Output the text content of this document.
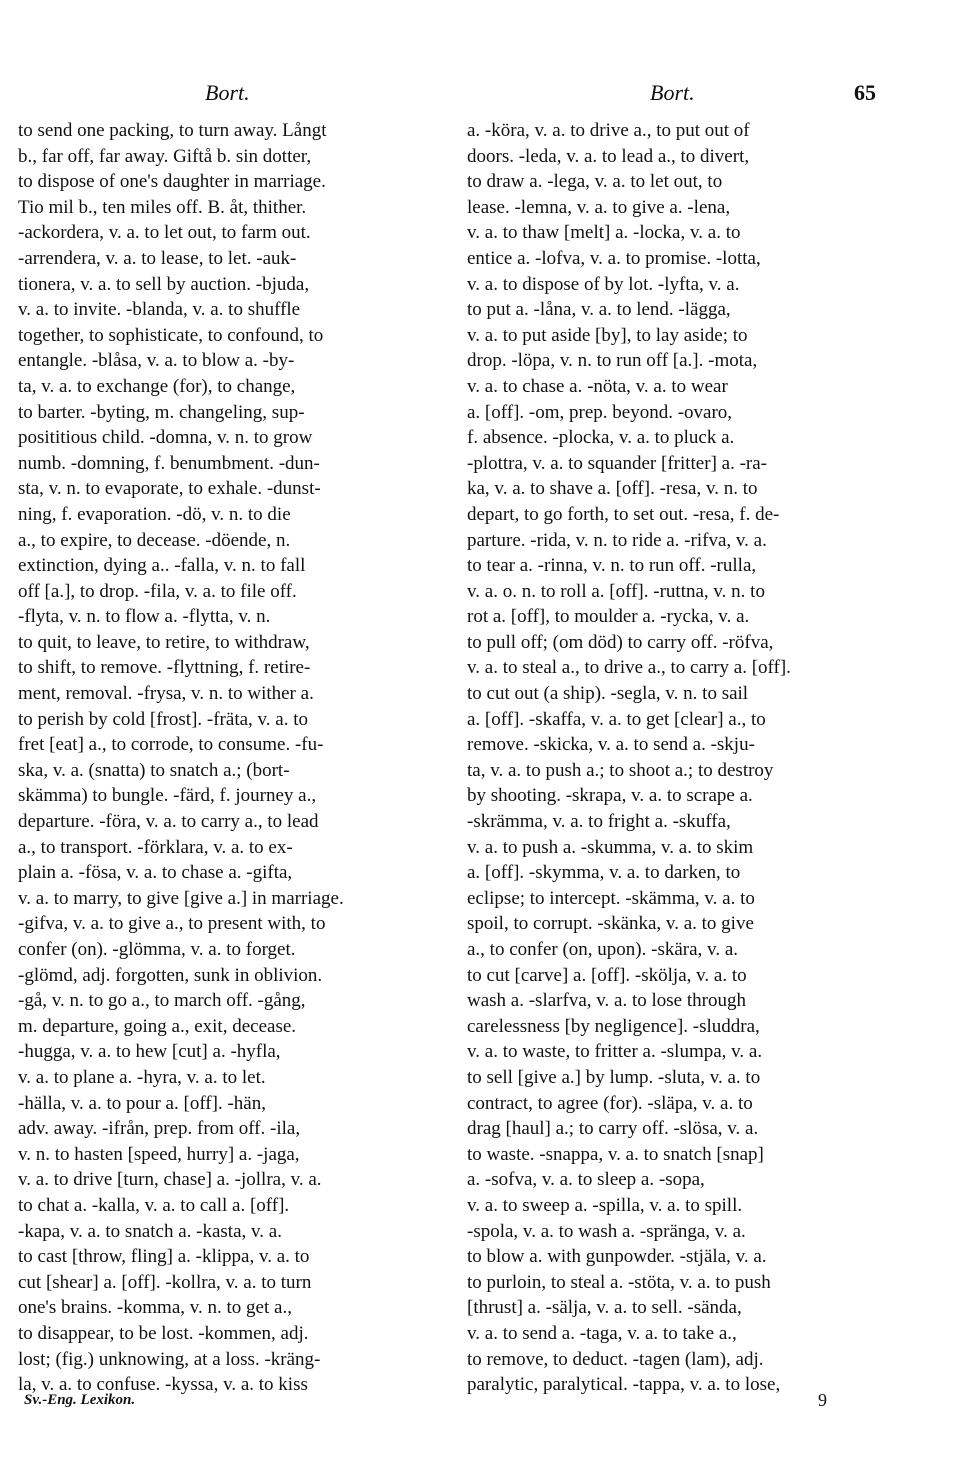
Bort.	Bort.	65
to send one packing, to turn away. Långt
b., far off, far away. Giftå b. sin dotter,
to dispose of one's daughter in marriage.
Tio mil b., ten miles off. B. åt, thither.
-ackordera, v. a. to let out, to farm out.
-arrendera, v. a. to lease, to let. -auk-
tionera, v. a. to sell by auction. -bjuda,
v. a. to invite. -blanda, v. a. to shuffle
together, to sophisticate, to confound, to
entangle. -blåsa, v. a. to blow a. -by-
ta, v. a. to exchange (for), to change,
to barter. -byting, m. changeling, sup-
posititious child. -domna, v. n. to grow
numb. -domning, f. benumbment. -dun-
sta, v. n. to evaporate, to exhale. -dunst-
ning, f. evaporation. -dö, v. n. to die
a., to expire, to decease. -döende, n.
extinction, dying a.. -falla, v. n. to fall
off [a.], to drop. -fila, v. a. to file off.
-flyta, v. n. to flow a. -flytta, v. n.
to quit, to leave, to retire, to withdraw,
to shift, to remove. -flyttning, f. retire-
ment, removal. -frysa, v. n. to wither a.
to perish by cold [frost]. -fräta, v. a. to
fret [eat] a., to corrode, to consume. -fu-
ska, v. a. (snatta) to snatch a.; (bort-
skämma) to bungle. -färd, f. journey a.,
departure. -föra, v. a. to carry a., to lead
a., to transport. -förklara, v. a. to ex-
plain a. -fösa, v. a. to chase a. -gifta,
v. a. to marry, to give [give a.] in marriage.
-gifva, v. a. to give a., to present with, to
confer (on). -glömma, v. a. to forget.
-glömd, adj. forgotten, sunk in oblivion.
-gå, v. n. to go a., to march off. -gång,
m. departure, going a., exit, decease.
-hugga, v. a. to hew [cut] a. -hyfla,
v. a. to plane a. -hyra, v. a. to let.
-hälla, v. a. to pour a. [off]. -hän,
adv. away. -ifrån, prep. from off. -ila,
v. n. to hasten [speed, hurry] a. -jaga,
v. a. to drive [turn, chase] a. -jollra, v. a.
to chat a. -kalla, v. a. to call a. [off].
-kapa, v. a. to snatch a. -kasta, v. a.
to cast [throw, fling] a. -klippa, v. a. to
cut [shear] a. [off]. -kollra, v. a. to turn
one's brains. -komma, v. n. to get a.,
to disappear, to be lost. -kommen, adj.
lost; (fig.) unknowing, at a loss. -kräng-
la, v. a. to confuse. -kyssa, v. a. to kiss
a. -köra, v. a. to drive a., to put out of
doors. -leda, v. a. to lead a., to divert,
to draw a. -lega, v. a. to let out, to
lease. -lemna, v. a. to give a. -lena,
v. a. to thaw [melt] a. -locka, v. a. to
entice a. -lofva, v. a. to promise. -lotta,
v. a. to dispose of by lot. -lyfta, v. a.
to put a. -låna, v. a. to lend. -lägga,
v. a. to put aside [by], to lay aside; to
drop. -löpa, v. n. to run off [a.]. -mota,
v. a. to chase a. -nöta, v. a. to wear
a. [off]. -om, prep. beyond. -ovaro,
f. absence. -plocka, v. a. to pluck a.
-plottra, v. a. to squander [fritter] a. -ra-
ka, v. a. to shave a. [off]. -resa, v. n. to
depart, to go forth, to set out. -resa, f. de-
parture. -rida, v. n. to ride a. -rifva, v. a.
to tear a. -rinna, v. n. to run off. -rulla,
v. a. o. n. to roll a. [off]. -ruttna, v. n. to
rot a. [off], to moulder a. -rycka, v. a.
to pull off; (om död) to carry off. -röfva,
v. a. to steal a., to drive a., to carry a. [off].
to cut out (a ship). -segla, v. n. to sail
a. [off]. -skaffa, v. a. to get [clear] a., to
remove. -skicka, v. a. to send a. -skju-
ta, v. a. to push a.; to shoot a.; to destroy
by shooting. -skrapa, v. a. to scrape a.
-skrämma, v. a. to fright a. -skuffa,
v. a. to push a. -skumma, v. a. to skim
a. [off]. -skymma, v. a. to darken, to
eclipse; to intercept. -skämma, v. a. to
spoil, to corrupt. -skänka, v. a. to give
a., to confer (on, upon). -skära, v. a.
to cut [carve] a. [off]. -skölja, v. a. to
wash a. -slarfva, v. a. to lose through
carelessness [by negligence]. -sluddra,
v. a. to waste, to fritter a. -slumpa, v. a.
to sell [give a.] by lump. -sluta, v. a. to
contract, to agree (for). -släpa, v. a. to
drag [haul] a.; to carry off. -slösa, v. a.
to waste. -snappa, v. a. to snatch [snap]
a. -sofva, v. a. to sleep a. -sopa,
v. a. to sweep a. -spilla, v. a. to spill.
-spola, v. a. to wash a. -spränga, v. a.
to blow a. with gunpowder. -stjäla, v. a.
to purloin, to steal a. -stöta, v. a. to push
[thrust] a. -sälja, v. a. to sell. -sända,
v. a. to send a. -taga, v. a. to take a.,
to remove, to deduct. -tagen (lam), adj.
paralytic, paralytical. -tappa, v. a. to lose,
Sv.-Eng. Lexikon.	9
